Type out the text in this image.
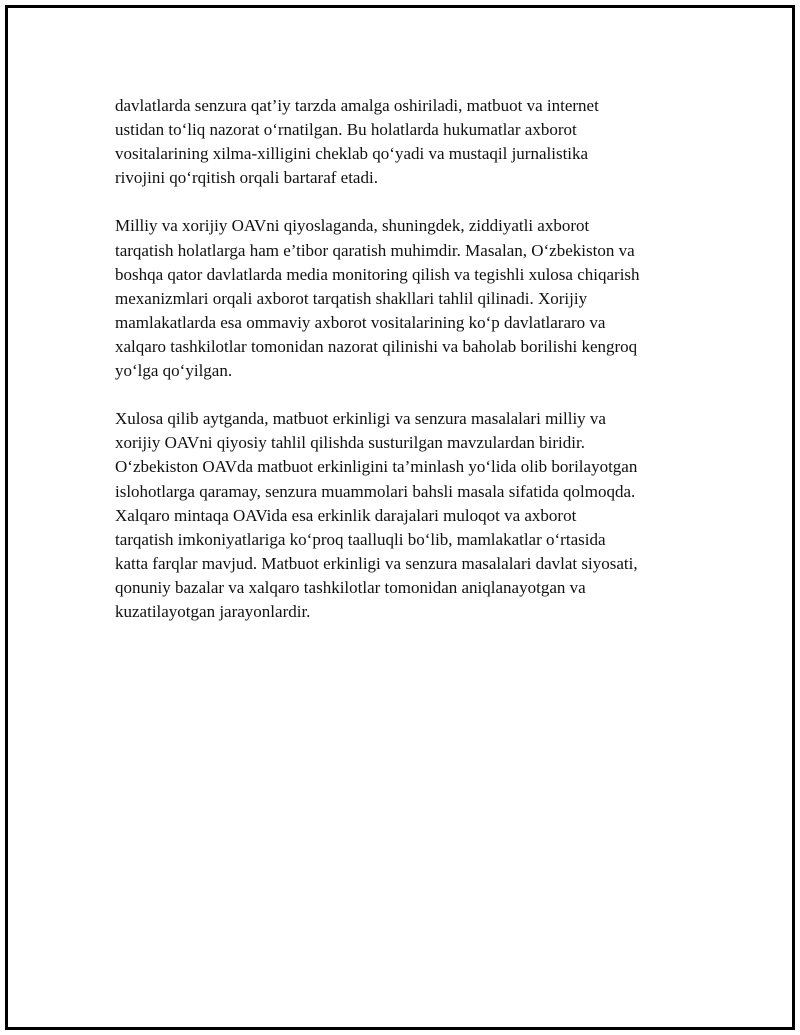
davlatlarda senzura qat’iy tarzda amalga oshiriladi, matbuot va internet
ustidan to‘liq nazorat o‘rnatilgan. Bu holatlarda hukumatlar axborot
vositalarining xilma-xilligini cheklab qo‘yadi va mustaqil jurnalistika
rivojini qo‘rqitish orqali bartaraf etadi.

Milliy va xorijiy OAVni qiyoslaganda, shuningdek, ziddiyatli axborot
tarqatish holatlarga ham e’tibor qaratish muhimdir. Masalan, O‘zbekiston va
boshqa qator davlatlarda media monitoring qilish va tegishli xulosa chiqarish
mexanizmlari orqali axborot tarqatish shakllari tahlil qilinadi. Xorijiy
mamlakatlarda esa ommaviy axborot vositalarining ko‘p davlatlararo va
xalqaro tashkilotlar tomonidan nazorat qilinishi va baholab borilishi kengroq
yo‘lga qo‘yilgan.

Xulosa qilib aytganda, matbuot erkinligi va senzura masalalari milliy va
xorijiy OAVni qiyosiy tahlil qilishda susturilgan mavzulardan biridir.
O‘zbekiston OAVda matbuot erkinligini ta’minlash yo‘lida olib borilayotgan
islohotlarga qaramay, senzura muammolari bahsli masala sifatida qolmoqda.
Xalqaro mintaqa OAVida esa erkinlik darajalari muloqot va axborot
tarqatish imkoniyatlariga ko‘proq taalluqli bo‘lib, mamlakatlar o‘rtasida
katta farqlar mavjud. Matbuot erkinligi va senzura masalalari davlat siyosati,
qonuniy bazalar va xalqaro tashkilotlar tomonidan aniqlanayotgan va
kuzatilayotgan jarayonlardir.
